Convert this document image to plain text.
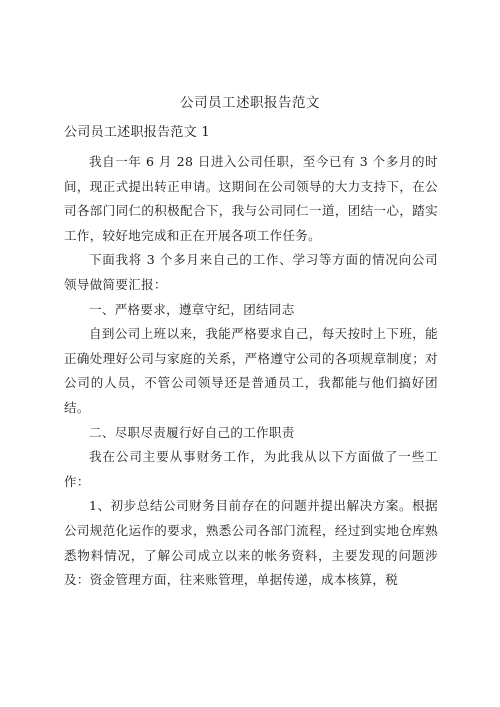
公司员工述职报告范文
公司员工述职报告范文 1

我自一年 6 月 28 日进入公司任职，至今已有 3 个多月的时间，现正式提出转正申请。这期间在公司领导的大力支持下，在公司各部门同仁的积极配合下，我与公司同仁一道，团结一心，踏实工作，较好地完成和正在开展各项工作任务。

下面我将 3 个多月来自己的工作、学习等方面的情况向公司领导做简要汇报：

一、严格要求，遵章守纪，团结同志

自到公司上班以来，我能严格要求自己，每天按时上下班，能正确处理好公司与家庭的关系，严格遵守公司的各项规章制度；对公司的人员，不管公司领导还是普通员工，我都能与他们搞好团结。

二、尽职尽责履行好自己的工作职责

我在公司主要从事财务工作，为此我从以下方面做了一些工作：

1、初步总结公司财务目前存在的问题并提出解决方案。根据公司规范化运作的要求，熟悉公司各部门流程，经过到实地仓库熟悉物料情况，了解公司成立以来的帐务资料，主要发现的问题涉及：资金管理方面，往来账管理，单据传递，成本核算，税
